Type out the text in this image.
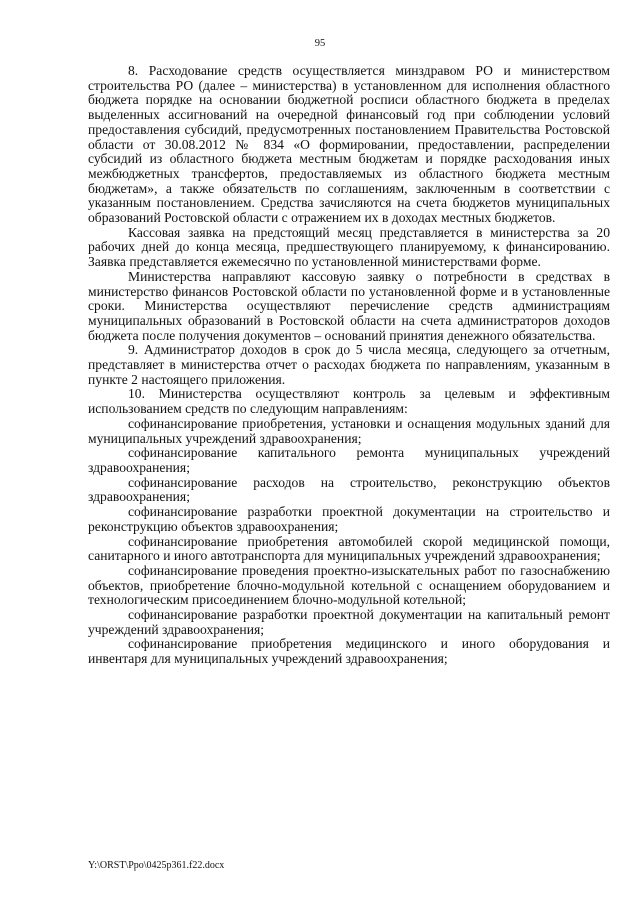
95

8. Расходование средств осуществляется минздравом РО и министерством строительства РО (далее – министерства) в установленном для исполнения областного бюджета порядке на основании бюджетной росписи областного бюджета в пределах выделенных ассигнований на очередной финансовый год при соблюдении условий предоставления субсидий, предусмотренных постановлением Правительства Ростовской области от 30.08.2012 № 834 «О формировании, предоставлении, распределении субсидий из областного бюджета местным бюджетам и порядке расходования иных межбюджетных трансфертов, предоставляемых из областного бюджета местным бюджетам», а также обязательств по соглашениям, заключенным в соответствии с указанным постановлением. Средства зачисляются на счета бюджетов муниципальных образований Ростовской области с отражением их в доходах местных бюджетов.

Кассовая заявка на предстоящий месяц представляется в министерства за 20 рабочих дней до конца месяца, предшествующего планируемому, к финансированию. Заявка представляется ежемесячно по установленной министерствами форме.

Министерства направляют кассовую заявку о потребности в средствах в министерство финансов Ростовской области по установленной форме и в установленные сроки. Министерства осуществляют перечисление средств администрациям муниципальных образований в Ростовской области на счета администраторов доходов бюджета после получения документов – оснований принятия денежного обязательства.

9. Администратор доходов в срок до 5 числа месяца, следующего за отчетным, представляет в министерства отчет о расходах бюджета по направлениям, указанным в пункте 2 настоящего приложения.

10. Министерства осуществляют контроль за целевым и эффективным использованием средств по следующим направлениям:

софинансирование приобретения, установки и оснащения модульных зданий для муниципальных учреждений здравоохранения;

софинансирование капитального ремонта муниципальных учреждений здравоохранения;

софинансирование расходов на строительство, реконструкцию объектов здравоохранения;

софинансирование разработки проектной документации на строительство и реконструкцию объектов здравоохранения;

софинансирование приобретения автомобилей скорой медицинской помощи, санитарного и иного автотранспорта для муниципальных учреждений здравоохранения;

софинансирование проведения проектно-изыскательных работ по газоснабжению объектов, приобретение блочно-модульной котельной с оснащением оборудованием и технологическим присоединением блочно-модульной котельной;

софинансирование разработки проектной документации на капитальный ремонт учреждений здравоохранения;

софинансирование приобретения медицинского и иного оборудования и инвентаря для муниципальных учреждений здравоохранения;

Y:\ORST\Ppo\0425p361.f22.docx
